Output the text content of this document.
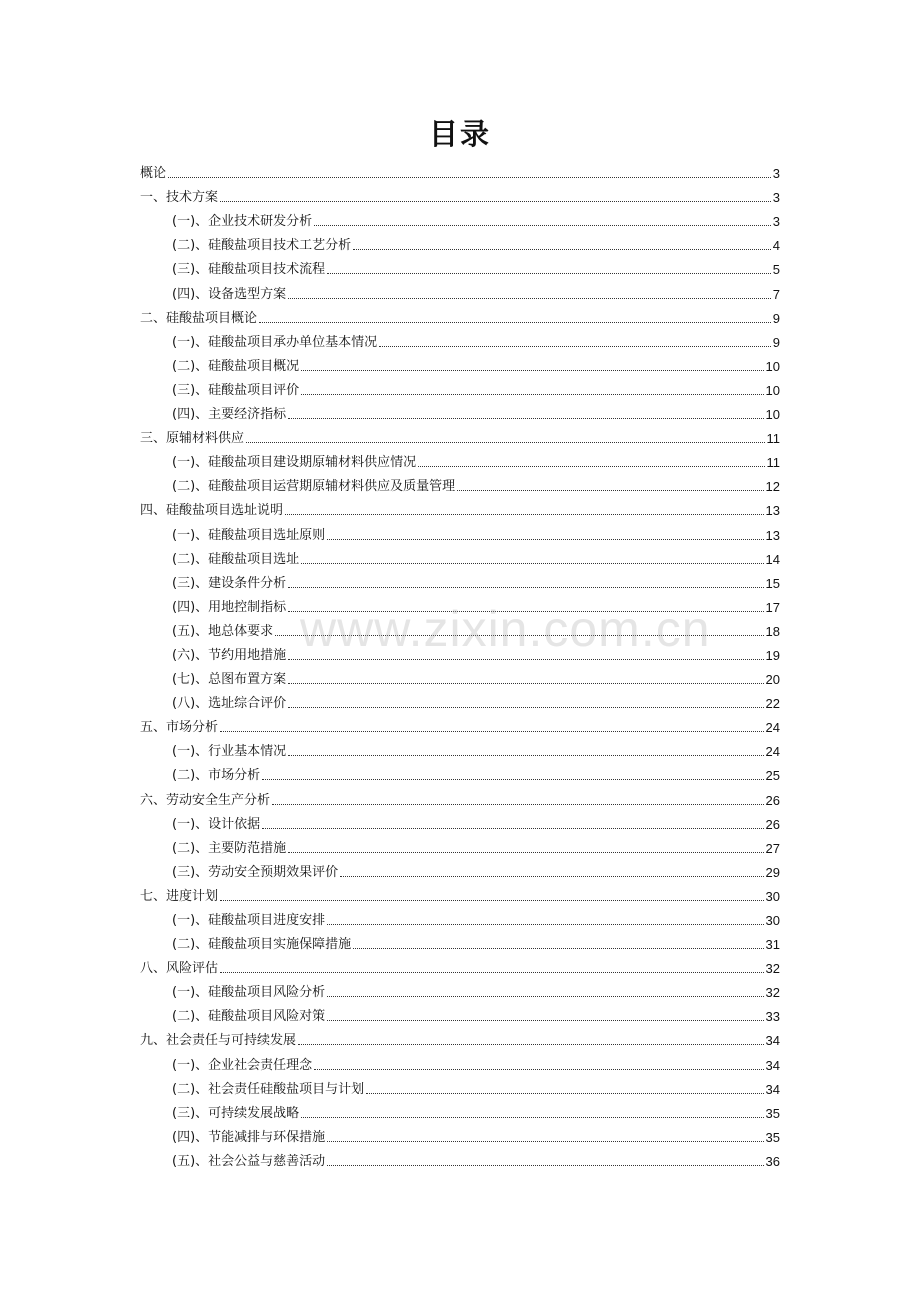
目录
概论	3
一、技术方案	3
(一)、企业技术研发分析	3
(二)、硅酸盐项目技术工艺分析	4
(三)、硅酸盐项目技术流程	5
(四)、设备选型方案	7
二、硅酸盐项目概论	9
(一)、硅酸盐项目承办单位基本情况	9
(二)、硅酸盐项目概况	10
(三)、硅酸盐项目评价	10
(四)、主要经济指标	10
三、原辅材料供应	11
(一)、硅酸盐项目建设期原辅材料供应情况	11
(二)、硅酸盐项目运营期原辅材料供应及质量管理	12
四、硅酸盐项目选址说明	13
(一)、硅酸盐项目选址原则	13
(二)、硅酸盐项目选址	14
(三)、建设条件分析	15
(四)、用地控制指标	17
(五)、地总体要求	18
(六)、节约用地措施	19
(七)、总图布置方案	20
(八)、选址综合评价	22
五、市场分析	24
(一)、行业基本情况	24
(二)、市场分析	25
六、劳动安全生产分析	26
(一)、设计依据	26
(二)、主要防范措施	27
(三)、劳动安全预期效果评价	29
七、进度计划	30
(一)、硅酸盐项目进度安排	30
(二)、硅酸盐项目实施保障措施	31
八、风险评估	32
(一)、硅酸盐项目风险分析	32
(二)、硅酸盐项目风险对策	33
九、社会责任与可持续发展	34
(一)、企业社会责任理念	34
(二)、社会责任硅酸盐项目与计划	34
(三)、可持续发展战略	35
(四)、节能减排与环保措施	35
(五)、社会公益与慈善活动	36
www.zixin.com.cn
